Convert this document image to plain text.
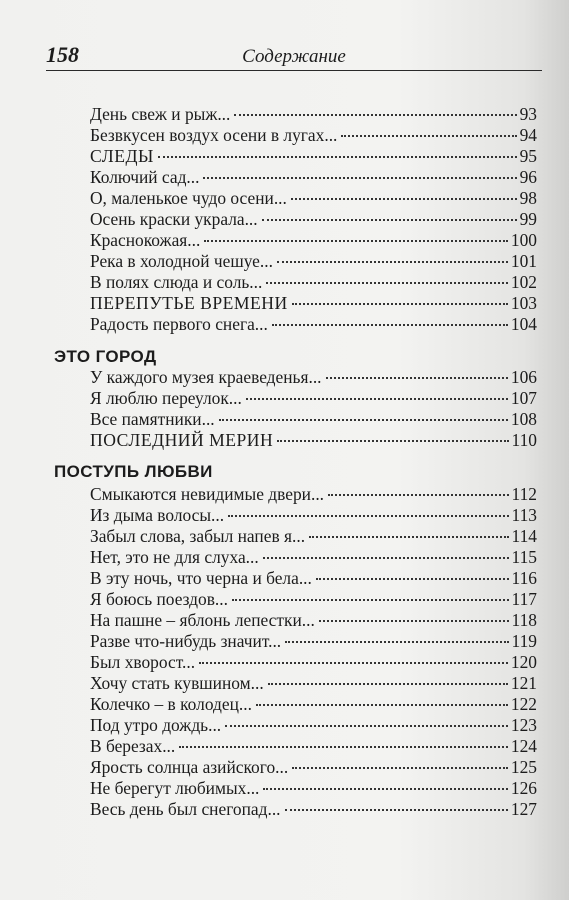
158	Содержание
День свеж и рыж...	93
Безвкусен воздух осени в лугах...	94
СЛЕДЫ	95
Колючий сад...	96
О, маленькое чудо осени...	98
Осень краски украла...	99
Краснокожая...	100
Река в холодной чешуе...	101
В полях слюда и соль...	102
ПЕРЕПУТЬЕ ВРЕМЕНИ	103
Радость первого снега...	104
ЭТО ГОРОД
У каждого музея краеведенья...	106
Я люблю переулок...	107
Все памятники...	108
ПОСЛЕДНИЙ МЕРИН	110
ПОСТУПЬ ЛЮБВИ
Смыкаются невидимые двери...	112
Из дыма волосы...	113
Забыл слова, забыл напев я...	114
Нет, это не для слуха...	115
В эту ночь, что черна и бела...	116
Я боюсь поездов...	117
На пашне – яблонь лепестки...	118
Разве что-нибудь значит...	119
Был хворост...	120
Хочу стать кувшином...	121
Колечко – в колодец...	122
Под утро дождь...	123
В березах...	124
Ярость солнца азийского...	125
Не берегут любимых...	126
Весь день был снегопад...	127
